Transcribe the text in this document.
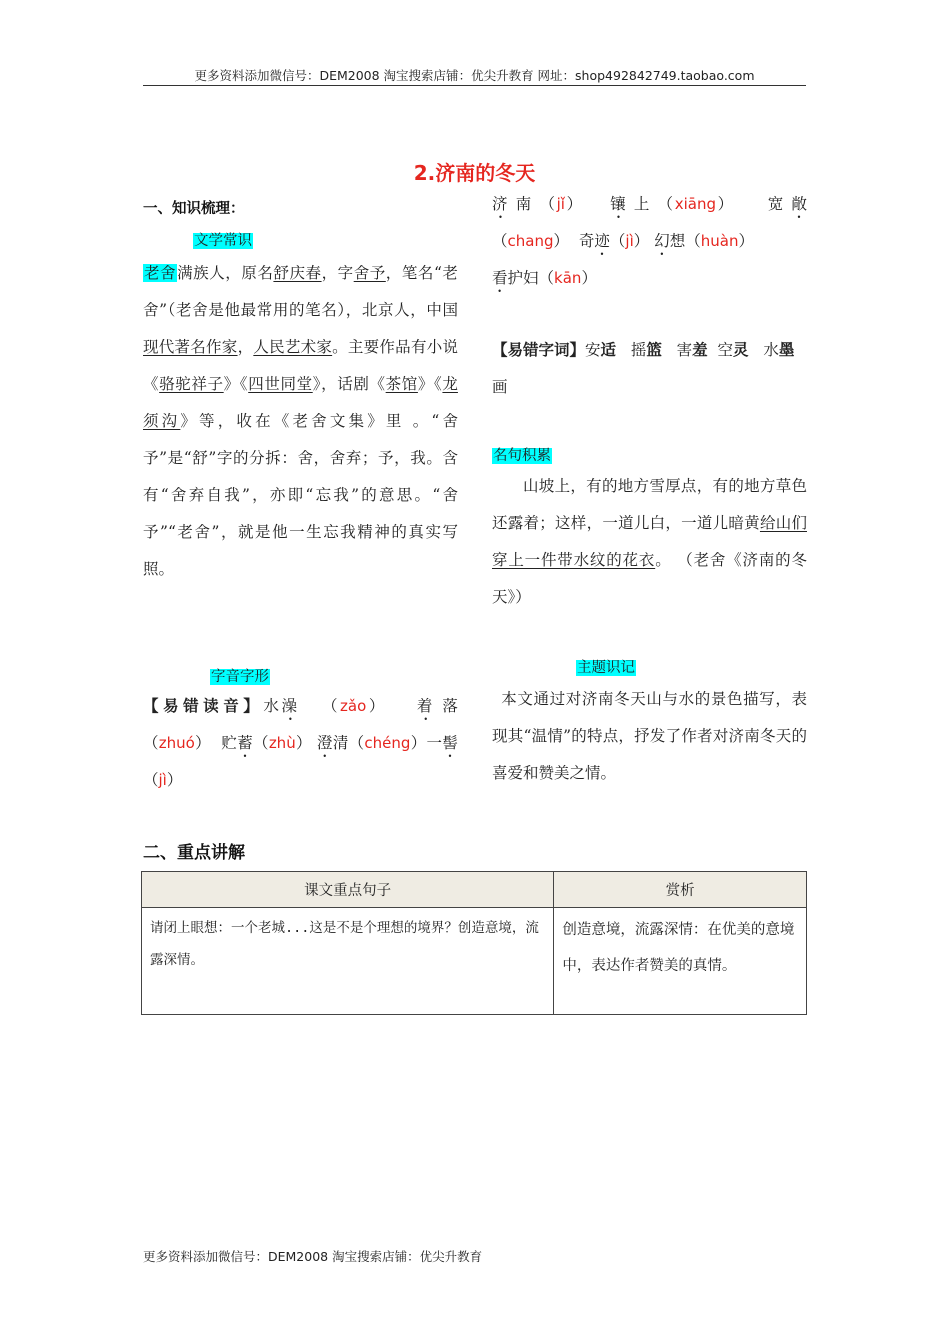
更多资料添加微信号：DEM2008 淘宝搜索店铺：优尖升教育 网址：shop492842749.taobao.com
2.济南的冬天
一、知识梳理：
文学常识

老舍满族人，原名舒庆春，字舍予，笔名“老舍”（老舍是他最常用的笔名），北京人，中国现代著名作家，人民艺术家。主要作品有小说《骆驼祥子》《四世同堂》，话剧《茶馆》《龙须沟》等，收在《老舍文集》里 。“舍予”是“舒”字的分拆：舍，舍弃；予，我。含有“舍弃自我”，亦即“忘我”的意思。“舍予”“老舍”，就是他一生忘我精神的真实写照。

字音字形

【易错读音】水澡   （zǎo） 着 落（zhuó） 贮蓄（zhù） 澄清（chéng）一髻 （jì）

济 南 （jǐ） 镶 上 （xiāng） 宽 敞（chang） 奇迹（jì） 幻想（huàn）
看护妇（kān）

【易错字词】安适 摇篮 害羞 空灵 水墨
画

名句积累

山坡上，有的地方雪厚点，有的地方草色还露着；这样，一道儿白，一道儿暗黄给山们穿上一件带水纹的花衣。 （老舍《济南的冬天》）

主题识记

本文通过对济南冬天山与水的景色描写，表现其“温情”的特点，抒发了作者对济南冬天的喜爱和赞美之情。

二、重点讲解
课文重点句子	赏析
请闭上眼想：一个老城...这是不是个理想的境界？创造意境，流露深情。	创造意境，流露深情：在优美的意境中，表达作者赞美的真情。
更多资料添加微信号：DEM2008 淘宝搜索店铺：优尖升教育
